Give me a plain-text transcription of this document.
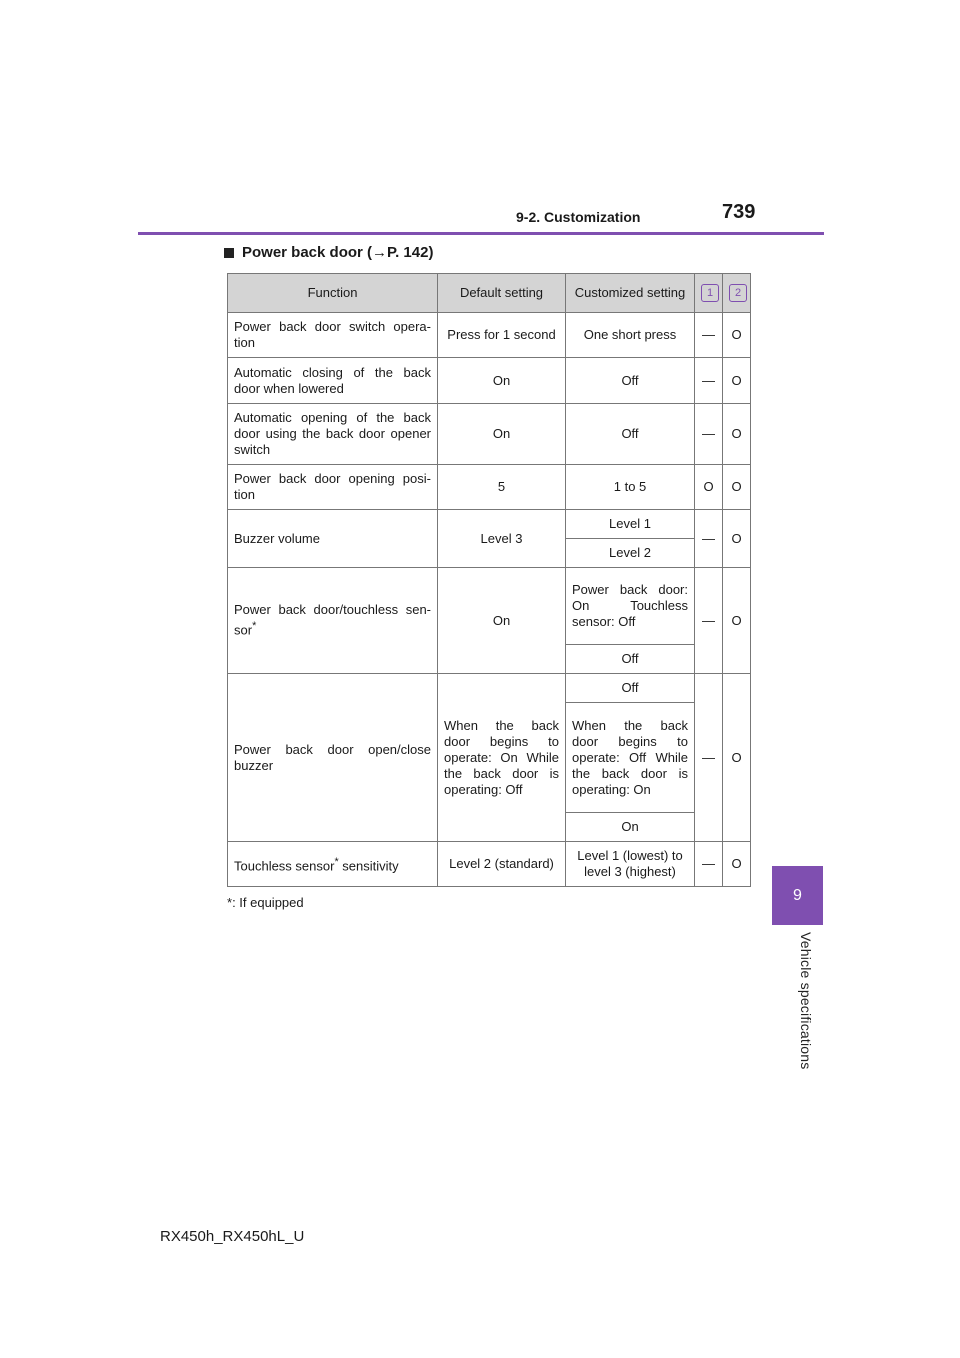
9-2. Customization	739
9
Vehicle specifications
Power back door (→P. 142)
Function	Default setting	Customized setting	1	2
Power back door switch opera-tion	Press for 1 second	One short press	—	O
Automatic closing of the back door when lowered	On	Off	—	O
Automatic opening of the back door using the back door opener switch	On	Off	—	O
Power back door opening posi-tion	5	1 to 5	O	O
Buzzer volume	Level 3	Level 1	—	O
		Level 2		
Power back door/touchless sen-sor*	On	Power back door: On Touchless sensor: Off	—	O
		Off		
Power back door open/close buzzer	When the back door begins to operate: On While the back door is operating: Off	Off	—	O
		When the back door begins to operate: Off While the back door is operating: On		
		On		
Touchless sensor* sensitivity	Level 2 (standard)	Level 1 (lowest) to level 3 (highest)	—	O
*: If equipped
RX450h_RX450hL_U
